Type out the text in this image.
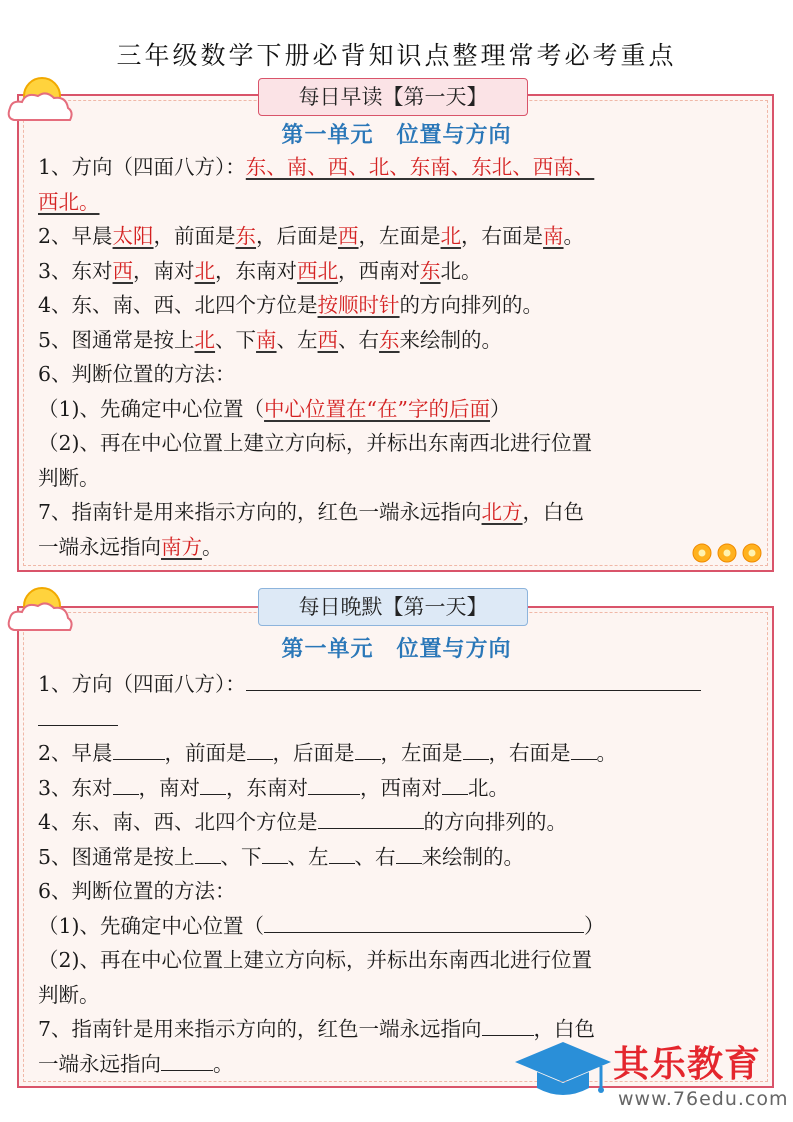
三年级数学下册必背知识点整理常考必考重点
每日早读【第一天】
第一单元　位置与方向
1、方向（四面八方）：东、南、西、北、东南、东北、西南、
西北。
2、早晨太阳，前面是东，后面是西，左面是北，右面是南。
3、东对西，南对北，东南对西北，西南对东北。
4、东、南、西、北四个方位是按顺时针的方向排列的。
5、图通常是按上北、下南、左西、右东来绘制的。
6、判断位置的方法：
（1)、先确定中心位置（中心位置在“在”字的后面）
（2)、再在中心位置上建立方向标，并标出东南西北进行位置
判断。
7、指南针是用来指示方向的，红色一端永远指向北方，白色
一端永远指向南方。
每日晚默【第一天】
第一单元　位置与方向
1、方向（四面八方）：
2、早晨	，前面是 ，后面是 ，左面是 ，右面是 。
3、东对 ，南对 ，东南对	，西南对 北。
4、东、南、西、北四个方位是	的方向排列的。
5、图通常是按上 、下 、左 、右 来绘制的。
6、判断位置的方法：
（1)、先确定中心位置（	）
（2)、再在中心位置上建立方向标，并标出东南西北进行位置
判断。
7、指南针是用来指示方向的，红色一端永远指向	，白色
一端永远指向	。	其乐教育
www.76edu.com
